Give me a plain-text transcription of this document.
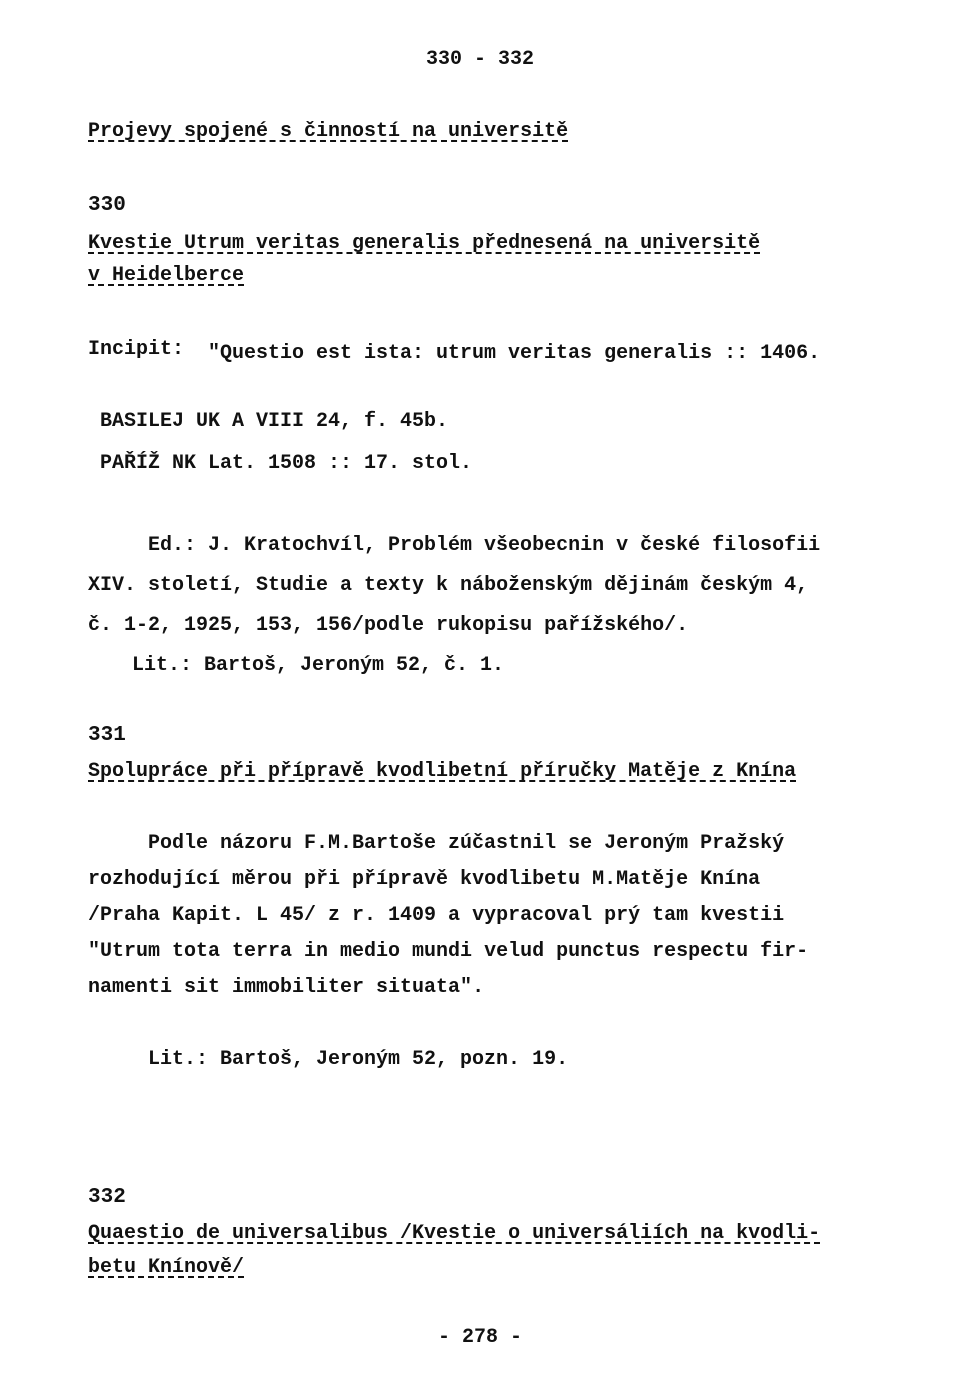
330 - 332
Projevy spojené s činností na universitě
330
Kvestie Utrum veritas generalis přednesená na universitě
v Heidelberce
Incipit: "Questio est ista: utrum veritas generalis :: 1406.
BASILEJ UK A VIII 24, f. 45b.
PAŘÍŽ NK Lat. 1508 :: 17. stol.
Ed.: J. Kratochvíl, Problém všeobecnin v české filosofii
XIV. století, Studie a texty k náboženským dějinám českým 4,
č. 1-2, 1925, 153, 156/podle rukopisu pařížského/.
Lit.: Bartoš, Jeroným 52, č. 1.
331
Spolupráce při přípravě kvodlibetní příručky Matěje z Knína
Podle názoru F.M.Bartoše zúčastnil se Jeroným Pražský
rozhodující měrou při přípravě kvodlibetu M.Matěje Knína
/Praha Kapit. L 45/ z r. 1409 a vypracoval prý tam kvestii
"Utrum tota terra in medio mundi velud punctus respectu fir-
namenti sit immobiliter situata".
Lit.: Bartoš, Jeroným 52, pozn. 19.
332
Quaestio de universalibus /Kvestie o universáliích na kvodli-
betu Knínově/
- 278 -
